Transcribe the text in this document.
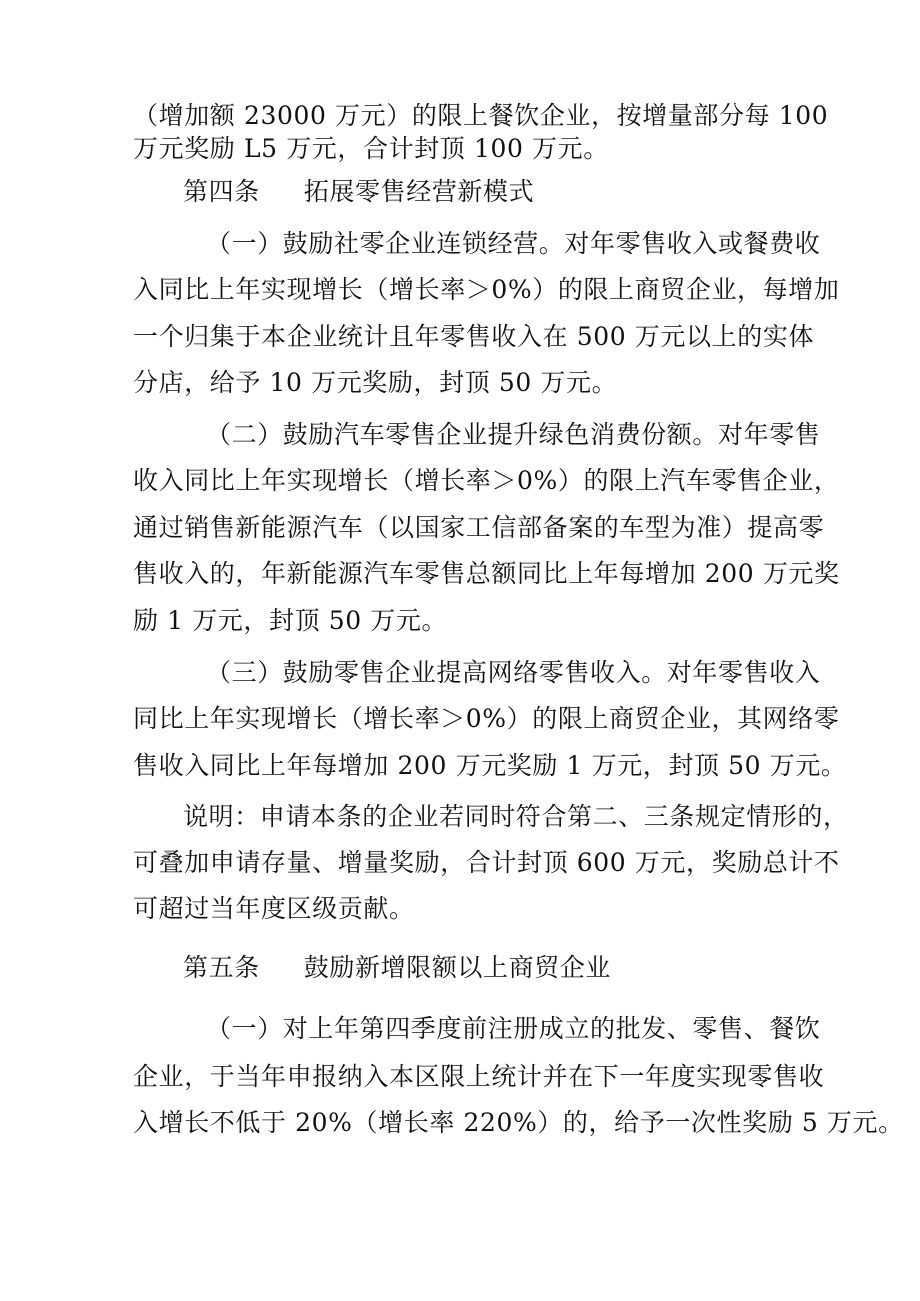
（增加额 23000 万元）的限上餐饮企业，按增量部分每 100
万元奖励 L5 万元，合计封顶 100 万元。
第四条 拓展零售经营新模式
（一）鼓励社零企业连锁经营。对年零售收入或餐费收
入同比上年实现增长（增长率＞0%）的限上商贸企业，每增加
一个归集于本企业统计且年零售收入在 500 万元以上的实体
分店，给予 10 万元奖励，封顶 50 万元。
（二）鼓励汽车零售企业提升绿色消费份额。对年零售
收入同比上年实现增长（增长率＞0%）的限上汽车零售企业，
通过销售新能源汽车（以国家工信部备案的车型为准）提高零
售收入的，年新能源汽车零售总额同比上年每增加 200 万元奖
励 1 万元，封顶 50 万元。
（三）鼓励零售企业提高网络零售收入。对年零售收入
同比上年实现增长（增长率＞0%）的限上商贸企业，其网络零
售收入同比上年每增加 200 万元奖励 1 万元，封顶 50 万元。
说明：申请本条的企业若同时符合第二、三条规定情形的，
可叠加申请存量、增量奖励，合计封顶 600 万元，奖励总计不
可超过当年度区级贡献。
第五条 鼓励新增限额以上商贸企业
（一）对上年第四季度前注册成立的批发、零售、餐饮
企业，于当年申报纳入本区限上统计并在下一年度实现零售收
入增长不低于 20%（增长率 220%）的，给予一次性奖励 5 万元。
